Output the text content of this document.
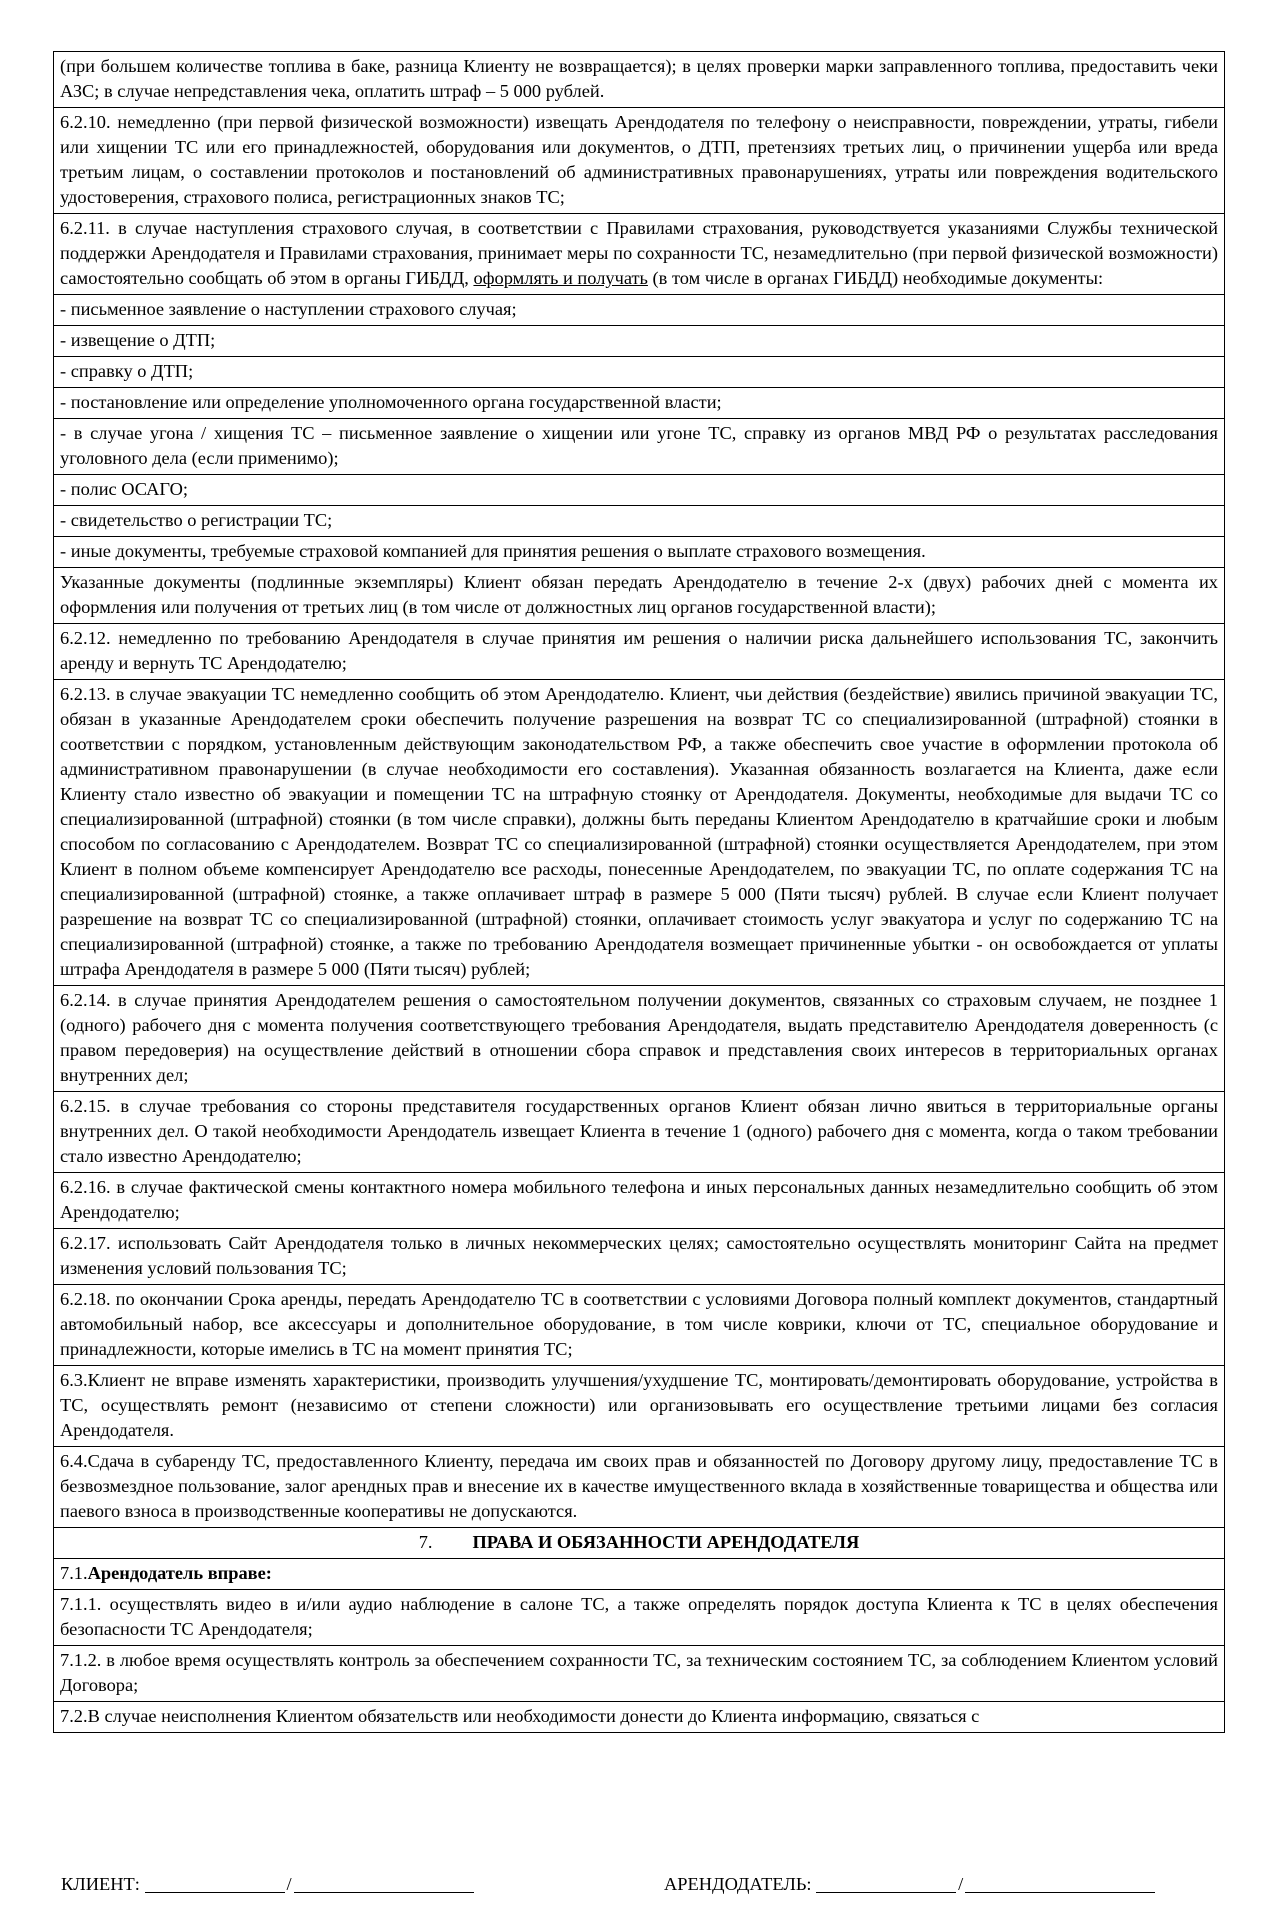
(при большем количестве топлива в баке, разница Клиенту не возвращается); в целях проверки марки заправленного топлива, предоставить чеки АЗС; в случае непредставления чека, оплатить штраф – 5 000 рублей.
6.2.10. немедленно (при первой физической возможности) извещать Арендодателя по телефону о неисправности, повреждении, утраты, гибели или хищении ТС или его принадлежностей, оборудования или документов, о ДТП, претензиях третьих лиц, о причинении ущерба или вреда третьим лицам, о составлении протоколов и постановлений об административных правонарушениях, утраты или повреждения водительского удостоверения, страхового полиса, регистрационных знаков ТС;
6.2.11. в случае наступления страхового случая, в соответствии с Правилами страхования, руководствуется указаниями Службы технической поддержки Арендодателя и Правилами страхования, принимает меры по сохранности ТС, незамедлительно (при первой физической возможности) самостоятельно сообщать об этом в органы ГИБДД, оформлять и получать (в том числе в органах ГИБДД) необходимые документы:
- письменное заявление о наступлении страхового случая;
- извещение о ДТП;
- справку о ДТП;
- постановление или определение уполномоченного органа государственной власти;
- в случае угона / хищения ТС – письменное заявление о хищении или угоне ТС, справку из органов МВД РФ о результатах расследования уголовного дела (если применимо);
- полис ОСАГО;
- свидетельство о регистрации ТС;
- иные документы, требуемые страховой компанией для принятия решения о выплате страхового возмещения.
Указанные документы (подлинные экземпляры) Клиент обязан передать Арендодателю в течение 2-х (двух) рабочих дней с момента их оформления или получения от третьих лиц (в том числе от должностных лиц органов государственной власти);
6.2.12. немедленно по требованию Арендодателя в случае принятия им решения о наличии риска дальнейшего использования ТС, закончить аренду и вернуть ТС Арендодателю;
6.2.13. в случае эвакуации ТС немедленно сообщить об этом Арендодателю. Клиент, чьи действия (бездействие) явились причиной эвакуации ТС, обязан в указанные Арендодателем сроки обеспечить получение разрешения на возврат ТС со специализированной (штрафной) стоянки в соответствии с порядком, установленным действующим законодательством РФ, а также обеспечить свое участие в оформлении протокола об административном правонарушении (в случае необходимости его составления). Указанная обязанность возлагается на Клиента, даже если Клиенту стало известно об эвакуации и помещении ТС на штрафную стоянку от Арендодателя. Документы, необходимые для выдачи ТС со специализированной (штрафной) стоянки (в том числе справки), должны быть переданы Клиентом Арендодателю в кратчайшие сроки и любым способом по согласованию с Арендодателем. Возврат ТС со специализированной (штрафной) стоянки осуществляется Арендодателем, при этом Клиент в полном объеме компенсирует Арендодателю все расходы, понесенные Арендодателем, по эвакуации ТС, по оплате содержания ТС на специализированной (штрафной) стоянке, а также оплачивает штраф в размере 5 000 (Пяти тысяч) рублей. В случае если Клиент получает разрешение на возврат ТС со специализированной (штрафной) стоянки, оплачивает стоимость услуг эвакуатора и услуг по содержанию ТС на специализированной (штрафной) стоянке, а также по требованию Арендодателя возмещает причиненные убытки - он освобождается от уплаты штрафа Арендодателя в размере 5 000 (Пяти тысяч) рублей;
6.2.14. в случае принятия Арендодателем решения о самостоятельном получении документов, связанных со страховым случаем, не позднее 1 (одного) рабочего дня с момента получения соответствующего требования Арендодателя, выдать представителю Арендодателя доверенность (с правом передоверия) на осуществление действий в отношении сбора справок и представления своих интересов в территориальных органах внутренних дел;
6.2.15. в случае требования со стороны представителя государственных органов Клиент обязан лично явиться в территориальные органы внутренних дел. О такой необходимости Арендодатель извещает Клиента в течение 1 (одного) рабочего дня с момента, когда о таком требовании стало известно Арендодателю;
6.2.16. в случае фактической смены контактного номера мобильного телефона и иных персональных данных незамедлительно сообщить об этом Арендодателю;
6.2.17. использовать Сайт Арендодателя только в личных некоммерческих целях; самостоятельно осуществлять мониторинг Сайта на предмет изменения условий пользования ТС;
6.2.18. по окончании Срока аренды, передать Арендодателю ТС в соответствии с условиями Договора полный комплект документов, стандартный автомобильный набор, все аксессуары и дополнительное оборудование, в том числе коврики, ключи от ТС, специальное оборудование и принадлежности, которые имелись в ТС на момент принятия ТС;
6.3.Клиент не вправе изменять характеристики, производить улучшения/ухудшение ТС, монтировать/демонтировать оборудование, устройства в ТС, осуществлять ремонт (независимо от степени сложности) или организовывать его осуществление третьими лицами без согласия Арендодателя.
6.4.Сдача в субаренду ТС, предоставленного Клиенту, передача им своих прав и обязанностей по Договору другому лицу, предоставление ТС в безвозмездное пользование, залог арендных прав и внесение их в качестве имущественного вклада в хозяйственные товарищества и общества или паевого взноса в производственные кооперативы не допускаются.
7. ПРАВА И ОБЯЗАННОСТИ АРЕНДОДАТЕЛЯ
7.1.Арендодатель вправе:
7.1.1. осуществлять видео в и/или аудио наблюдение в салоне ТС, а также определять порядок доступа Клиента к ТС в целях обеспечения безопасности ТС Арендодателя;
7.1.2. в любое время осуществлять контроль за обеспечением сохранности ТС, за техническим состоянием ТС, за соблюдением Клиентом условий Договора;
7.2.В случае неисполнения Клиентом обязательств или необходимости донести до Клиента информацию, связаться с
КЛИЕНТ:	/	АРЕНДОДАТЕЛЬ:	/
